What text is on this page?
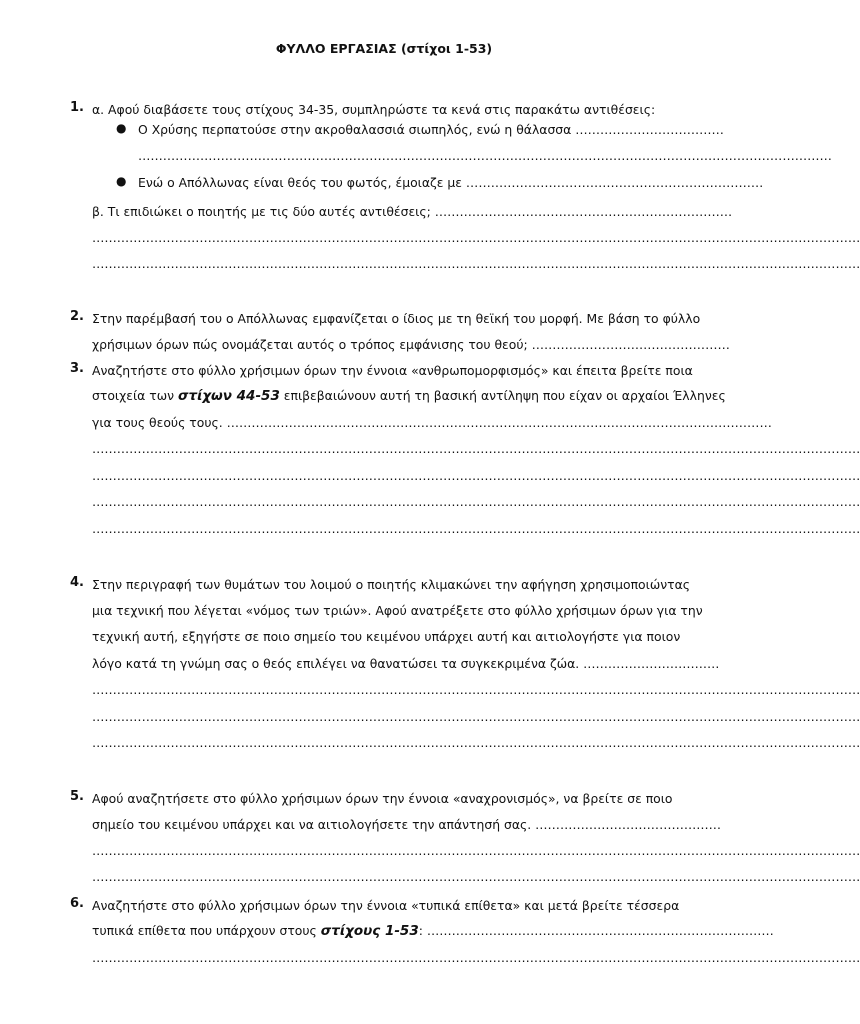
ΦΥΛΛΟ ΕΡΓΑΣΙΑΣ (στίχοι 1-53)
1. α. Αφού διαβάσετε τους στίχους 34-35, συμπληρώστε τα κενά στις παρακάτω αντιθέσεις:
● Ο Χρύσης περπατούσε στην ακροθαλασσιά σιωπηλός, ενώ η θάλασσα ………………………………
……………………………………………………………………………………………………………………………………………………
● Ενώ ο Απόλλωνας είναι θεός του φωτός, έμοιαζε με ………………………………………………………………
β. Τι επιδιώκει ο ποιητής με τις δύο αυτές αντιθέσεις; ………………………………………………………………
……………………………………………………………………………………………………………………………………………………………………
……………………………………………………………………………………………………………………………………………………………………
2. Στην παρέμβασή του ο Απόλλωνας εμφανίζεται ο ίδιος με τη θεϊκή του μορφή. Με βάση το φύλλο
χρήσιμων όρων πώς ονομάζεται αυτός ο τρόπος εμφάνισης του θεού; …………………………………………
3. Αναζητήστε στο φύλλο χρήσιμων όρων την έννοια «ανθρωπομορφισμός» και έπειτα βρείτε ποια
στοιχεία των στίχων 44-53 επιβεβαιώνουν αυτή τη βασική αντίληψη που είχαν οι αρχαίοι Έλληνες
για τους θεούς τους. ……………………………………………………………………………………………………………………
……………………………………………………………………………………………………………………………………………………………………
……………………………………………………………………………………………………………………………………………………………………
……………………………………………………………………………………………………………………………………………………………………
……………………………………………………………………………………………………………………………………………………………………
4. Στην περιγραφή των θυμάτων του λοιμού ο ποιητής κλιμακώνει την αφήγηση χρησιμοποιώντας
μια τεχνική που λέγεται «νόμος των τριών». Αφού ανατρέξετε στο φύλλο χρήσιμων όρων για την
τεχνική αυτή, εξηγήστε σε ποιο σημείο του κειμένου υπάρχει αυτή και αιτιολογήστε για ποιον
λόγο κατά τη γνώμη σας ο θεός επιλέγει να θανατώσει τα συγκεκριμένα ζώα. ……………………………
……………………………………………………………………………………………………………………………………………………………………
……………………………………………………………………………………………………………………………………………………………………
……………………………………………………………………………………………………………………………………………………………………
5. Αφού αναζητήσετε στο φύλλο χρήσιμων όρων την έννοια «αναχρονισμός», να βρείτε σε ποιο
σημείο του κειμένου υπάρχει και να αιτιολογήσετε την απάντησή σας. ………………………………………
……………………………………………………………………………………………………………………………………………………………………
……………………………………………………………………………………………………………………………………………………………………
6. Αναζητήστε στο φύλλο χρήσιμων όρων την έννοια «τυπικά επίθετα» και μετά βρείτε τέσσερα
τυπικά επίθετα που υπάρχουν στους στίχους 1-53: …………………………………………………………………………
……………………………………………………………………………………………………………………………………………………………………
